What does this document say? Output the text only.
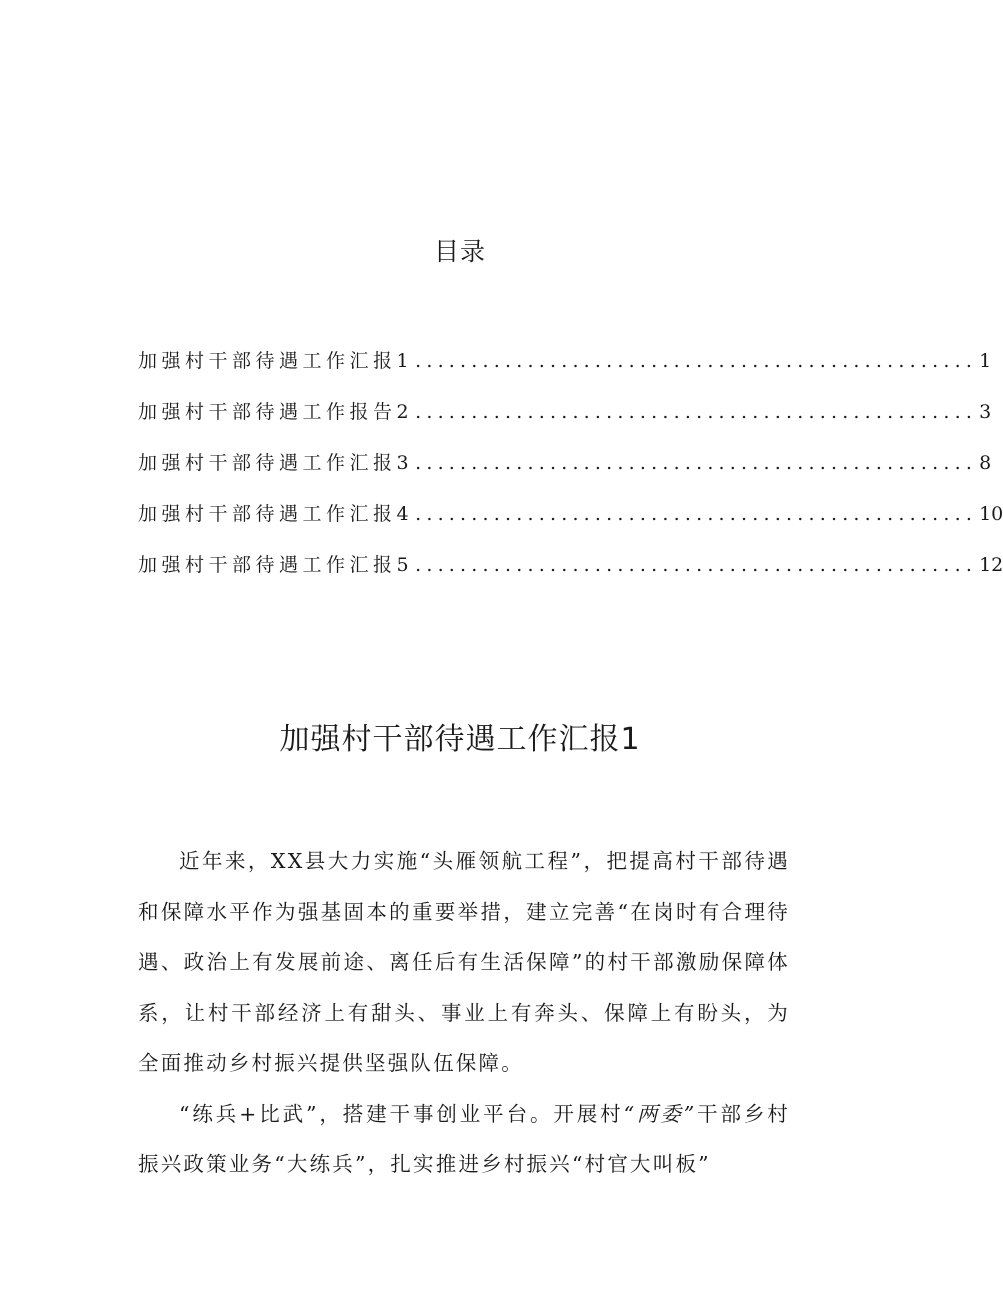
目录
加强村干部待遇工作汇报1 .................................................. 1
加强村干部待遇工作报告2 .................................................. 3
加强村干部待遇工作汇报3 .................................................. 8
加强村干部待遇工作汇报4 .................................................. 10
加强村干部待遇工作汇报5 .................................................. 12
加强村干部待遇工作汇报1

近年来，XX县大力实施“头雁领航工程”，把提高村干部待遇和保障水平作为强基固本的重要举措，建立完善“在岗时有合理待遇、政治上有发展前途、离任后有生活保障”的村干部激励保障体系，让村干部经济上有甜头、事业上有奔头、保障上有盼头，为全面推动乡村振兴提供坚强队伍保障。

“练兵+比武”，搭建干事创业平台。开展村“两委”干部乡村振兴政策业务“大练兵”，扎实推进乡村振兴“村官大叫板”
